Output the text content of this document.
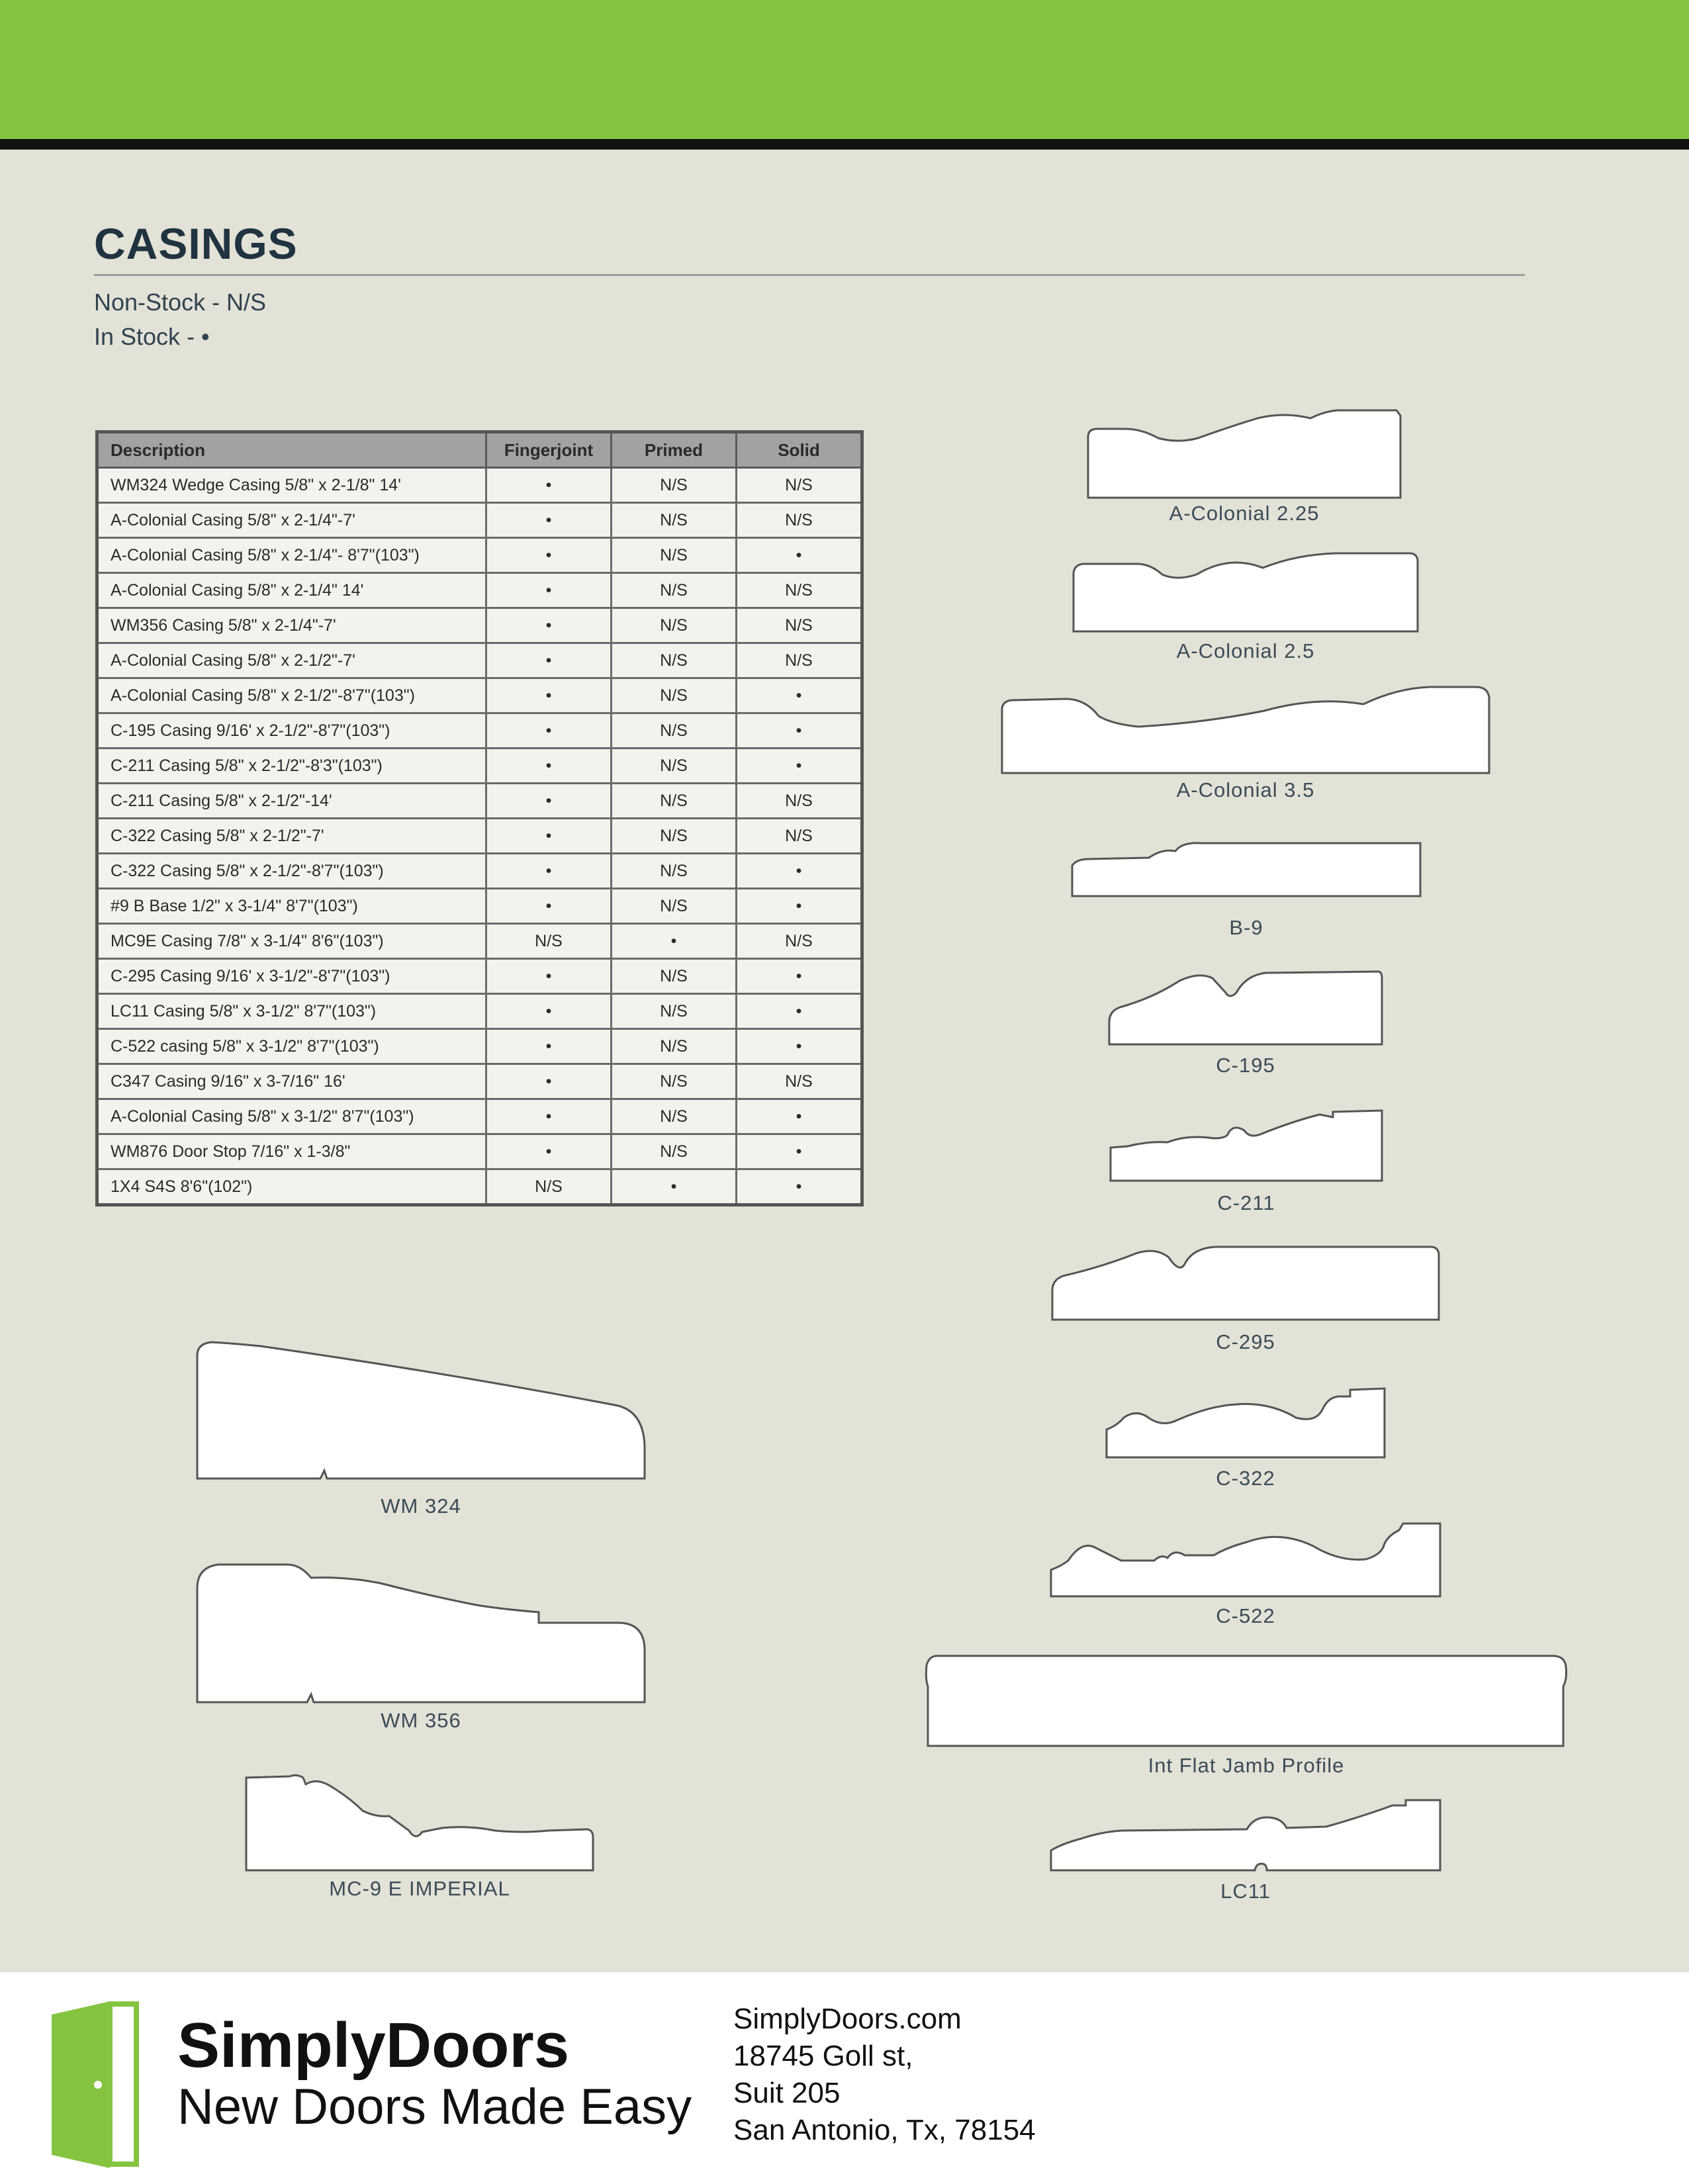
CASINGS
Non-Stock - N/S
In Stock - •
Description	Fingerjoint	Primed	Solid
WM324 Wedge Casing 5/8" x 2-1/8" 14'	•	N/S	N/S
A-Colonial Casing 5/8" x 2-1/4"-7'	•	N/S	N/S
A-Colonial Casing 5/8" x 2-1/4"- 8'7"(103")	•	N/S	•
A-Colonial Casing 5/8" x 2-1/4" 14'	•	N/S	N/S
WM356 Casing 5/8" x 2-1/4"-7'	•	N/S	N/S
A-Colonial Casing 5/8" x 2-1/2"-7'	•	N/S	N/S
A-Colonial Casing 5/8" x 2-1/2"-8'7"(103")	•	N/S	•
C-195 Casing 9/16' x 2-1/2"-8'7"(103")	•	N/S	•
C-211 Casing 5/8" x 2-1/2"-8'3"(103")	•	N/S	•
C-211 Casing 5/8" x 2-1/2"-14'	•	N/S	N/S
C-322 Casing 5/8" x 2-1/2"-7'	•	N/S	N/S
C-322 Casing 5/8" x 2-1/2"-8'7"(103")	•	N/S	•
#9 B Base 1/2" x 3-1/4" 8'7"(103")	•	N/S	•
MC9E Casing 7/8" x 3-1/4" 8'6"(103")	N/S	•	N/S
C-295 Casing 9/16' x 3-1/2"-8'7"(103")	•	N/S	•
LC11 Casing 5/8" x 3-1/2" 8'7"(103")	•	N/S	•
C-522 casing 5/8" x 3-1/2" 8'7"(103")	•	N/S	•
C347 Casing 9/16" x 3-7/16" 16'	•	N/S	N/S
A-Colonial Casing 5/8" x 3-1/2" 8'7"(103")	•	N/S	•
WM876 Door Stop 7/16" x 1-3/8"	•	N/S	•
1X4 S4S 8'6"(102")	N/S	•	•
A-Colonial 2.25
A-Colonial 2.5
A-Colonial 3.5
B-9
C-195
C-211
C-295
C-322
C-522
Int Flat Jamb Profile
LC11
WM 324
WM 356
MC-9 E IMPERIAL
SimplyDoors
New Doors Made Easy
SimplyDoors.com
18745 Goll st,
Suit 205
San Antonio, Tx, 78154
